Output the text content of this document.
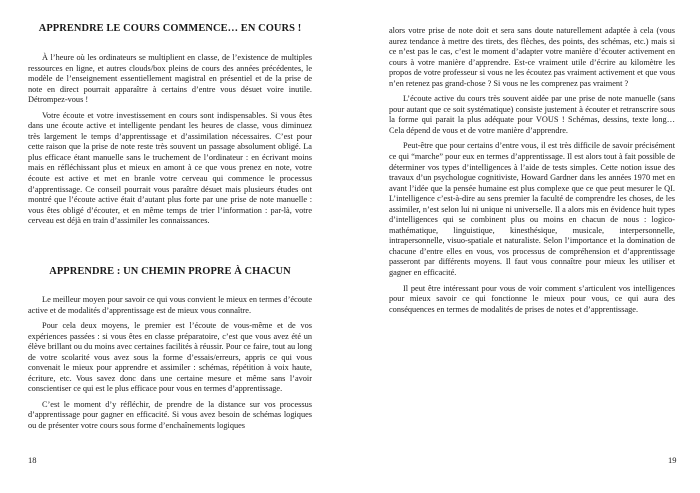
APPRENDRE LE COURS COMMENCE… EN COURS !

À l’heure où les ordinateurs se multiplient en classe, de l’existence de multiples ressources en ligne, et autres clouds/box pleins de cours des années précédentes, le modèle de l’enseignement essentiellement magistral en présentiel et de la prise de note en direct pourrait apparaître à certains d’entre vous désuet voire inutile. Détrompez-vous !

Votre écoute et votre investissement en cours sont indispensables. Si vous êtes dans une écoute active et intelligente pendant les heures de classe, vous diminuez très largement le temps d’apprentissage et d’assimilation nécessaires. C’est pour cette raison que la prise de note reste très souvent un passage absolument obligé. La plus efficace étant manuelle sans le truchement de l’ordinateur : en écrivant moins mais en réfléchissant plus et mieux en amont à ce que vous prenez en note, votre écoute est active et met en branle votre cerveau qui commence le processus d’apprentissage. Ce conseil pourrait vous paraître désuet mais plusieurs études ont montré que l’écoute active était d’autant plus forte par une prise de note manuelle : vous êtes obligé d’écouter, et en même temps de trier l’information : par-là, votre cerveau est déjà en train d’assimiler les connaissances.

APPRENDRE : UN CHEMIN PROPRE À CHACUN

Le meilleur moyen pour savoir ce qui vous convient le mieux en termes d’écoute active et de modalités d’apprentissage est de mieux vous connaître.

Pour cela deux moyens, le premier est l’écoute de vous-même et de vos expériences passées : si vous êtes en classe préparatoire, c’est que vous avez été un élève brillant ou du moins avec certaines facilités à réussir. Pour ce faire, tout au long de votre scolarité vous avez sous la forme d’essais/erreurs, appris ce qui vous convenait le mieux pour apprendre et assimiler : schémas, répétition à voix haute, écriture, etc. Vous savez donc dans une certaine mesure et même sans l’avoir conscientiser ce qui est le plus efficace pour vous en termes d’apprentissage.

C’est le moment d’y réfléchir, de prendre de la distance sur vos processus d’apprentissage pour gagner en efficacité. Si vous avez besoin de schémas logiques ou de présenter votre cours sous forme d’enchaînements logiques

18

alors votre prise de note doit et sera sans doute naturellement adaptée à cela (vous aurez tendance à mettre des tirets, des flèches, des points, des schémas, etc.) mais si ce n’est pas le cas, c’est le moment d’adapter votre manière d’écouter activement en cours à votre manière d’apprendre. Est-ce vraiment utile d’écrire au kilomètre les propos de votre professeur si vous ne les écoutez pas vraiment activement et que vous n’en retenez pas grand-chose ? Si vous ne les comprenez pas vraiment ?

L’écoute active du cours très souvent aidée par une prise de note manuelle (sans pour autant que ce soit systématique) consiste justement à écouter et retranscrire sous la forme qui parait la plus adéquate pour VOUS ! Schémas, dessins, texte long… Cela dépend de vous et de votre manière d’apprendre.

Peut-être que pour certains d’entre vous, il est très difficile de savoir précisément ce qui “marche” pour eux en termes d’apprentissage. Il est alors tout à fait possible de déterminer vos types d’intelligences à l’aide de tests simples. Cette notion issue des travaux d’un psychologue cognitiviste, Howard Gardner dans les années 1970 met en avant l’idée que la pensée humaine est plus complexe que ce que peut mesurer le QI. L’intelligence c’est-à-dire au sens premier la faculté de comprendre les choses, de les assimiler, n’est selon lui ni unique ni universelle. Il a alors mis en évidence huit types d’intelligences qui se combinent plus ou moins en chacun de nous : logico-mathématique, linguistique, kinesthésique, musicale, interpersonnelle, intrapersonnelle, visuo-spatiale et naturaliste. Selon l’importance et la domination de chacune d’entre elles en vous, vos processus de compréhension et d’apprentissage passeront par différents moyens. Il faut vous connaître pour mieux les utiliser et gagner en efficacité.

Il peut être intéressant pour vous de voir comment s’articulent vos intelligences pour mieux savoir ce qui fonctionne le mieux pour vous, ce qui aura des conséquences en termes de modalités de prises de notes et d’apprentissage.

19
